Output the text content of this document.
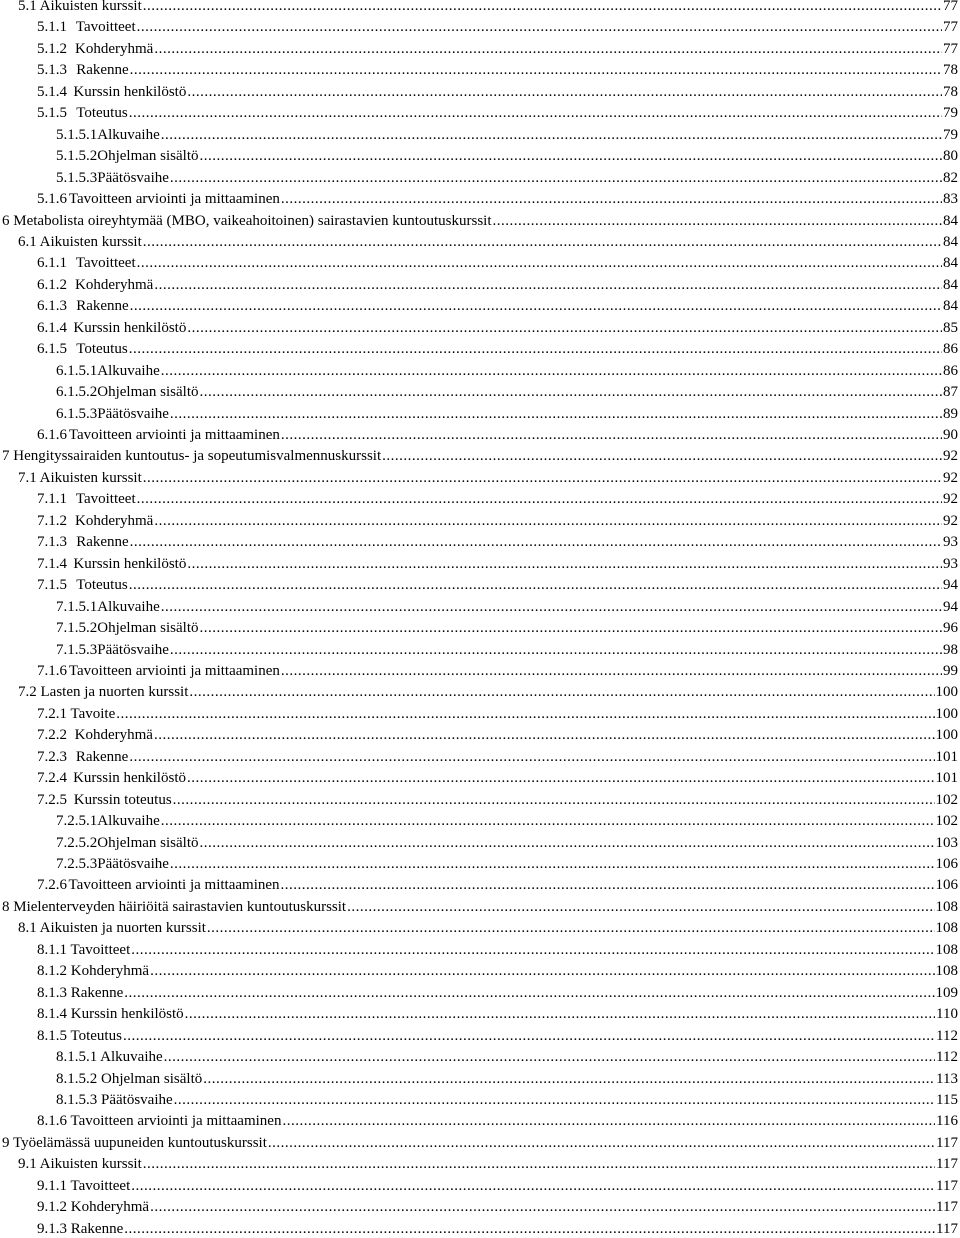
5.1 Aikuisten kurssit .....	77
5.1.1 Tavoitteet .....	77
5.1.2 Kohderyhmä .....	77
5.1.3 Rakenne .....	78
5.1.4 Kurssin henkilöstö .....	78
5.1.5 Toteutus .....	79
5.1.5.1 Alkuvaihe .....	79
5.1.5.2 Ohjelman sisältö .....	80
5.1.5.3 Päätösvaihe .....	82
5.1.6 Tavoitteen arviointi ja mittaaminen .....	83
6 Metabolista oireyhtymää (MBO, vaikeahoitoinen) sairastavien kuntoutuskurssit .....	84
6.1 Aikuisten kurssit .....	84
6.1.1 Tavoitteet .....	84
6.1.2 Kohderyhmä .....	84
6.1.3 Rakenne .....	84
6.1.4 Kurssin henkilöstö .....	85
6.1.5 Toteutus .....	86
6.1.5.1 Alkuvaihe .....	86
6.1.5.2 Ohjelman sisältö .....	87
6.1.5.3 Päätösvaihe .....	89
6.1.6 Tavoitteen arviointi ja mittaaminen .....	90
7 Hengityssairaiden kuntoutus- ja sopeutumisvalmennuskurssit .....	92
7.1 Aikuisten kurssit .....	92
7.1.1 Tavoitteet .....	92
7.1.2 Kohderyhmä .....	92
7.1.3 Rakenne .....	93
7.1.4 Kurssin henkilöstö .....	93
7.1.5 Toteutus .....	94
7.1.5.1 Alkuvaihe .....	94
7.1.5.2 Ohjelman sisältö .....	96
7.1.5.3 Päätösvaihe .....	98
7.1.6 Tavoitteen arviointi ja mittaaminen .....	99
7.2 Lasten ja nuorten kurssit .....	100
7.2.1 Tavoite .....	100
7.2.2 Kohderyhmä .....	100
7.2.3 Rakenne .....	101
7.2.4 Kurssin henkilöstö .....	101
7.2.5 Kurssin toteutus .....	102
7.2.5.1 Alkuvaihe .....	102
7.2.5.2 Ohjelman sisältö .....	103
7.2.5.3 Päätösvaihe .....	106
7.2.6 Tavoitteen arviointi ja mittaaminen .....	106
8 Mielenterveyden häiriöitä sairastavien kuntoutuskurssit .....	108
8.1 Aikuisten ja nuorten kurssit .....	108
8.1.1 Tavoitteet .....	108
8.1.2 Kohderyhmä .....	108
8.1.3 Rakenne .....	109
8.1.4 Kurssin henkilöstö .....	110
8.1.5 Toteutus .....	112
8.1.5.1 Alkuvaihe .....	112
8.1.5.2 Ohjelman sisältö .....	113
8.1.5.3 Päätösvaihe .....	115
8.1.6 Tavoitteen arviointi ja mittaaminen .....	116
9 Työelämässä uupuneiden kuntoutuskurssit .....	117
9.1 Aikuisten kurssit .....	117
9.1.1 Tavoitteet .....	117
9.1.2 Kohderyhmä .....	117
9.1.3 Rakenne .....	117
